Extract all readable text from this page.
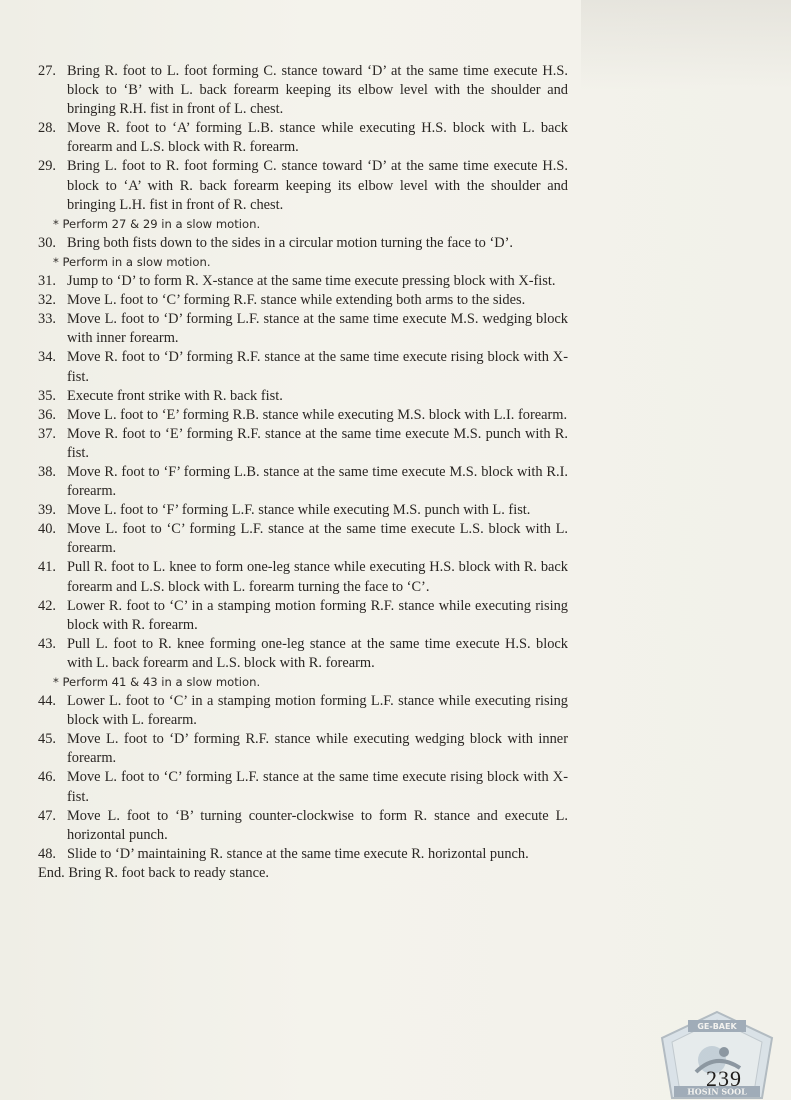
27. Bring R. foot to L. foot forming C. stance toward ‘D’ at the same time execute H.S. block to ‘B’ with L. back forearm keeping its elbow level with the shoulder and bringing R.H. fist in front of L. chest.
28. Move R. foot to ‘A’ forming L.B. stance while executing H.S. block with L. back forearm and L.S. block with R. forearm.
29. Bring L. foot to R. foot forming C. stance toward ‘D’ at the same time execute H.S. block to ‘A’ with R. back forearm keeping its elbow level with the shoulder and bringing L.H. fist in front of R. chest.
* Perform 27 & 29 in a slow motion.
30. Bring both fists down to the sides in a circular motion turning the face to ‘D’.
* Perform in a slow motion.
31. Jump to ‘D’ to form R. X-stance at the same time execute pressing block with X-fist.
32. Move L. foot to ‘C’ forming R.F. stance while extending both arms to the sides.
33. Move L. foot to ‘D’ forming L.F. stance at the same time execute M.S. wedging block with inner forearm.
34. Move R. foot to ‘D’ forming R.F. stance at the same time execute rising block with X-fist.
35. Execute front strike with R. back fist.
36. Move L. foot to ‘E’ forming R.B. stance while executing M.S. block with L.I. forearm.
37. Move R. foot to ‘E’ forming R.F. stance at the same time execute M.S. punch with R. fist.
38. Move R. foot to ‘F’ forming L.B. stance at the same time execute M.S. block with R.I. forearm.
39. Move L. foot to ‘F’ forming L.F. stance while executing M.S. punch with L. fist.
40. Move L. foot to ‘C’ forming L.F. stance at the same time execute L.S. block with L. forearm.
41. Pull R. foot to L. knee to form one-leg stance while executing H.S. block with R. back forearm and L.S. block with L. forearm turning the face to ‘C’.
42. Lower R. foot to ‘C’ in a stamping motion forming R.F. stance while executing rising block with R. forearm.
43. Pull L. foot to R. knee forming one-leg stance at the same time execute H.S. block with L. back forearm and L.S. block with R. forearm.
* Perform 41 & 43 in a slow motion.
44. Lower L. foot to ‘C’ in a stamping motion forming L.F. stance while executing rising block with L. forearm.
45. Move L. foot to ‘D’ forming R.F. stance while executing wedging block with inner forearm.
46. Move L. foot to ‘C’ forming L.F. stance at the same time execute rising block with X-fist.
47. Move L. foot to ‘B’ turning counter-clockwise to form R. stance and execute L. horizontal punch.
48. Slide to ‘D’ maintaining R. stance at the same time execute R. horizontal punch.
End. Bring R. foot back to ready stance.
GE-BAEK
HOSIN SOOL
239
